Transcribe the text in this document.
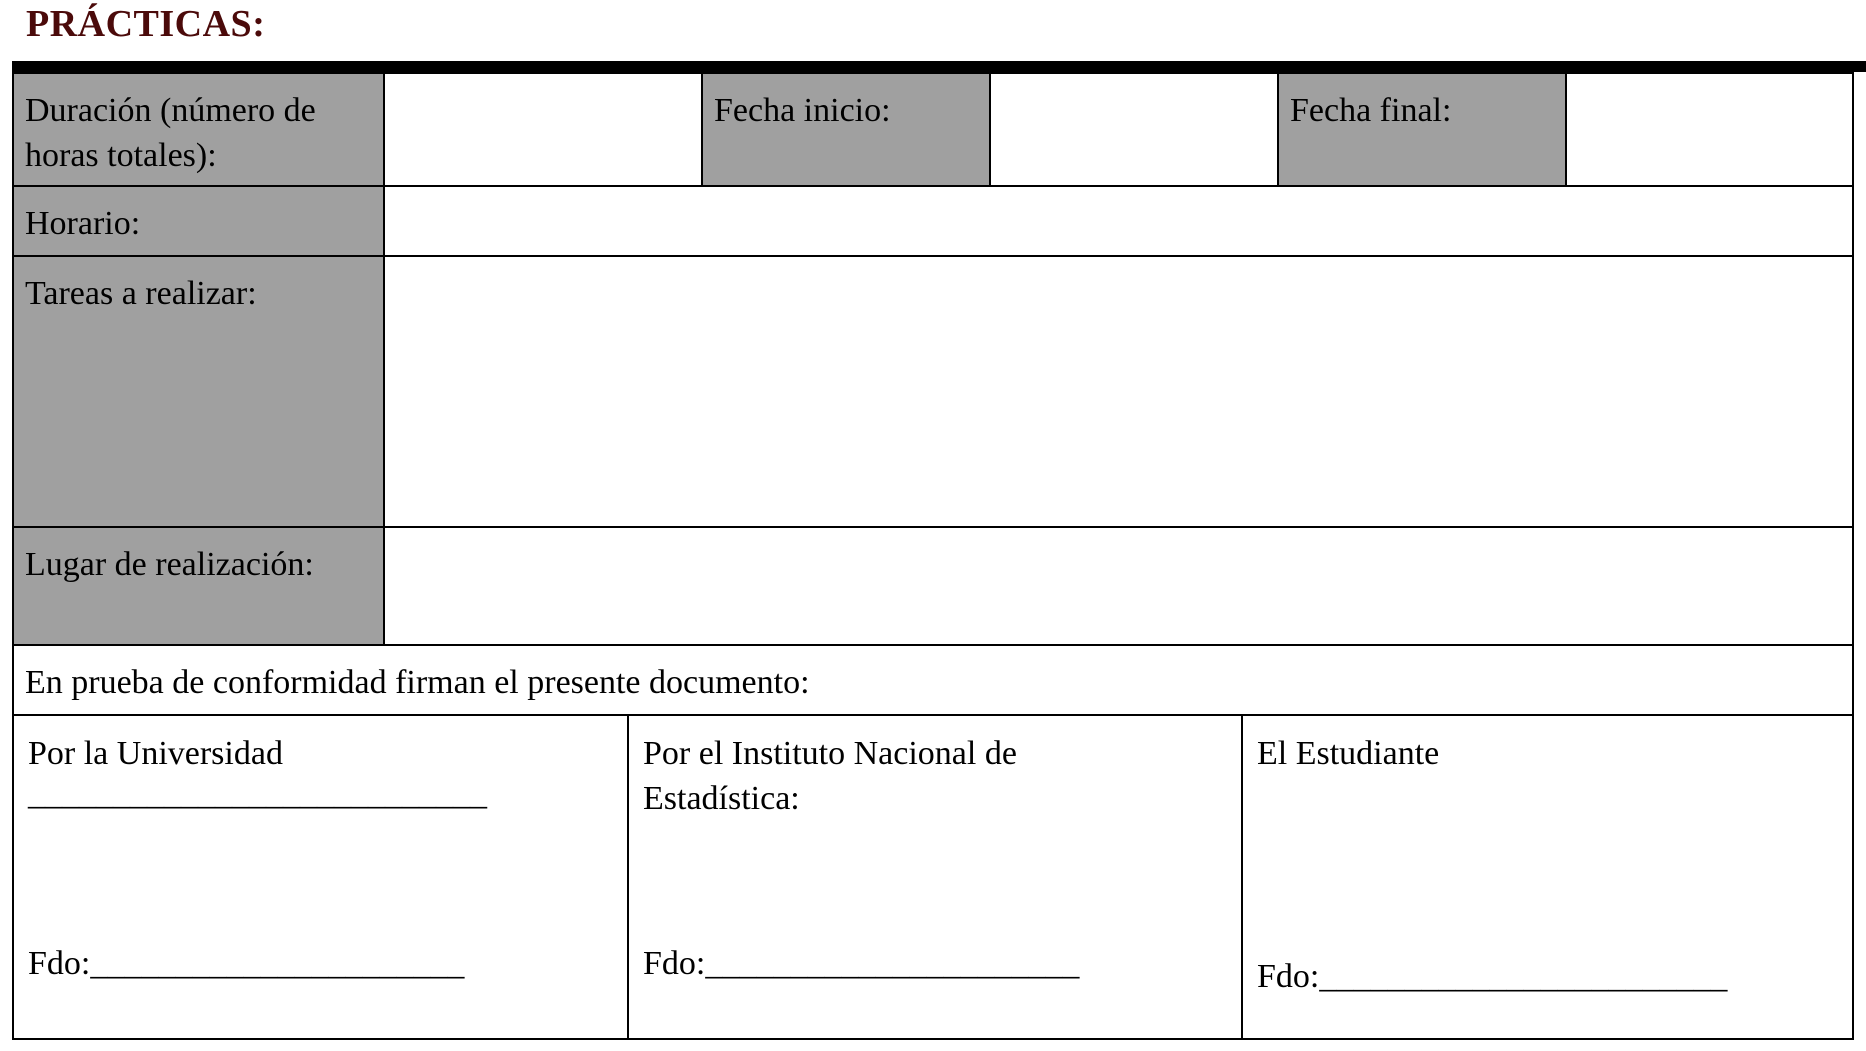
PRÁCTICAS:
Duración (número de horas totales):
Fecha inicio:	Fecha final:
Horario:
Tareas a realizar:
Lugar de realización:
En prueba de conformidad firman el presente documento:
Por la Universidad
___________________________
Fdo:______________________
Por el Instituto Nacional de Estadística:
Fdo:______________________
El Estudiante
Fdo:________________________
